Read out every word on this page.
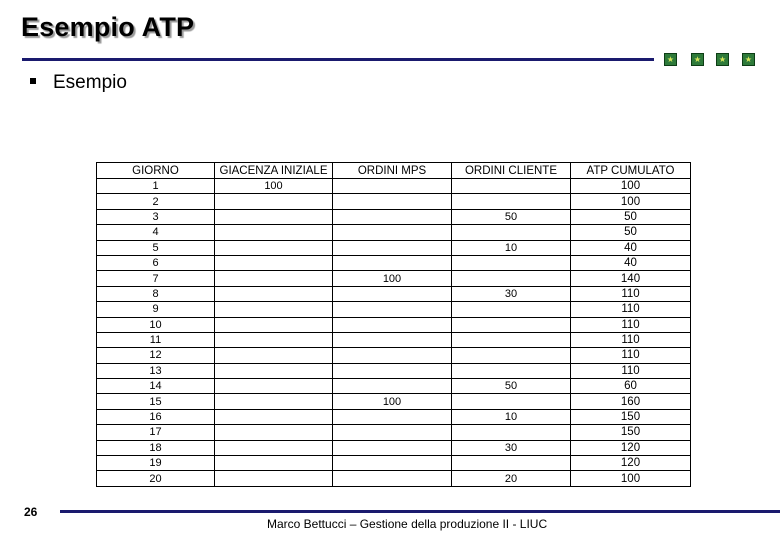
Esempio ATP
★	★	★	★
Esempio
GIORNO	GIACENZA INIZIALE	ORDINI MPS	ORDINI CLIENTE	ATP CUMULATO
1	100			100
2				100
3			50	50
4				50
5			10	40
6				40
7		100		140
8			30	110
9				110
10				110
11				110
12				110
13				110
14			50	60
15		100		160
16			10	150
17				150
18			30	120
19				120
20			20	100
26
Marco Bettucci – Gestione della produzione II - LIUC
